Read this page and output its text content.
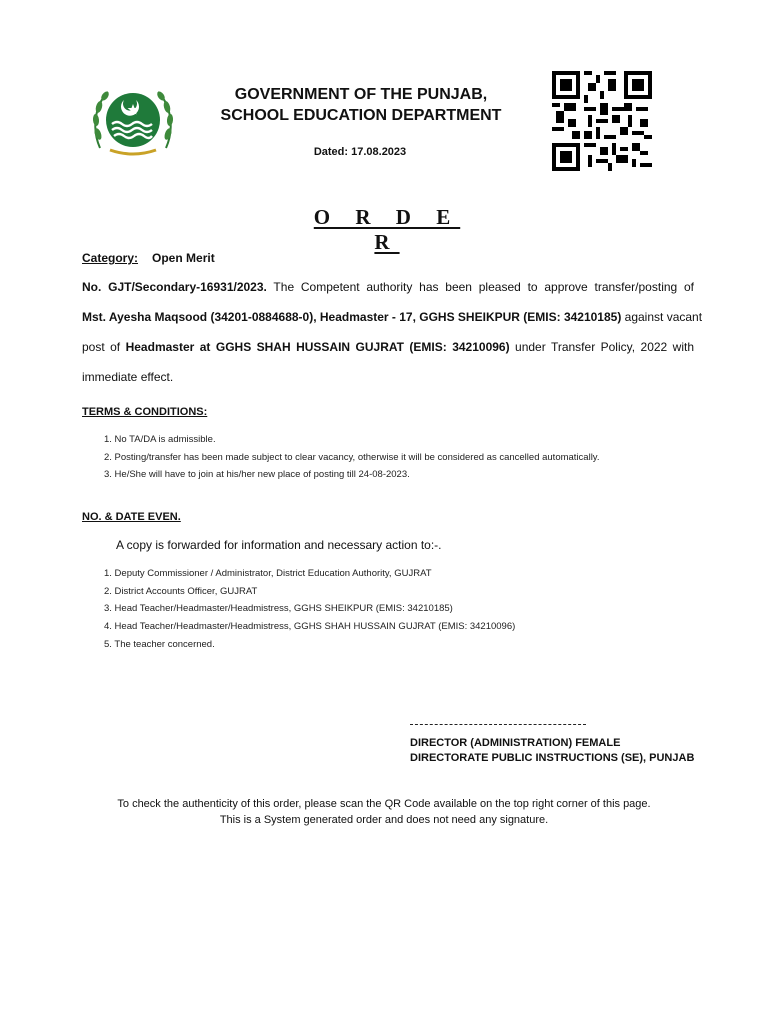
GOVERNMENT OF THE PUNJAB,
SCHOOL EDUCATION DEPARTMENT
Dated: 17.08.2023
O R D E R
Category: Open Merit
No. GJT/Secondary-16931/2023. The Competent authority has been pleased to approve transfer/posting of
Mst. Ayesha Maqsood (34201-0884688-0), Headmaster - 17, GGHS SHEIKPUR (EMIS: 34210185) against vacant
post of Headmaster at GGHS SHAH HUSSAIN GUJRAT (EMIS: 34210096) under Transfer Policy, 2022 with
immediate effect.
TERMS & CONDITIONS:
1. No TA/DA is admissible.
2. Posting/transfer has been made subject to clear vacancy, otherwise it will be considered as cancelled automatically.
3. He/She will have to join at his/her new place of posting till 24-08-2023.
NO. & DATE EVEN.
A copy is forwarded for information and necessary action to:-.
1. Deputy Commissioner / Administrator, District Education Authority, GUJRAT
2. District Accounts Officer, GUJRAT
3. Head Teacher/Headmaster/Headmistress, GGHS SHEIKPUR (EMIS: 34210185)
4. Head Teacher/Headmaster/Headmistress, GGHS SHAH HUSSAIN GUJRAT (EMIS: 34210096)
5. The teacher concerned.
DIRECTOR (ADMINISTRATION) FEMALE
DIRECTORATE PUBLIC INSTRUCTIONS (SE), PUNJAB
To check the authenticity of this order, please scan the QR Code available on the top right corner of this page.
This is a System generated order and does not need any signature.
